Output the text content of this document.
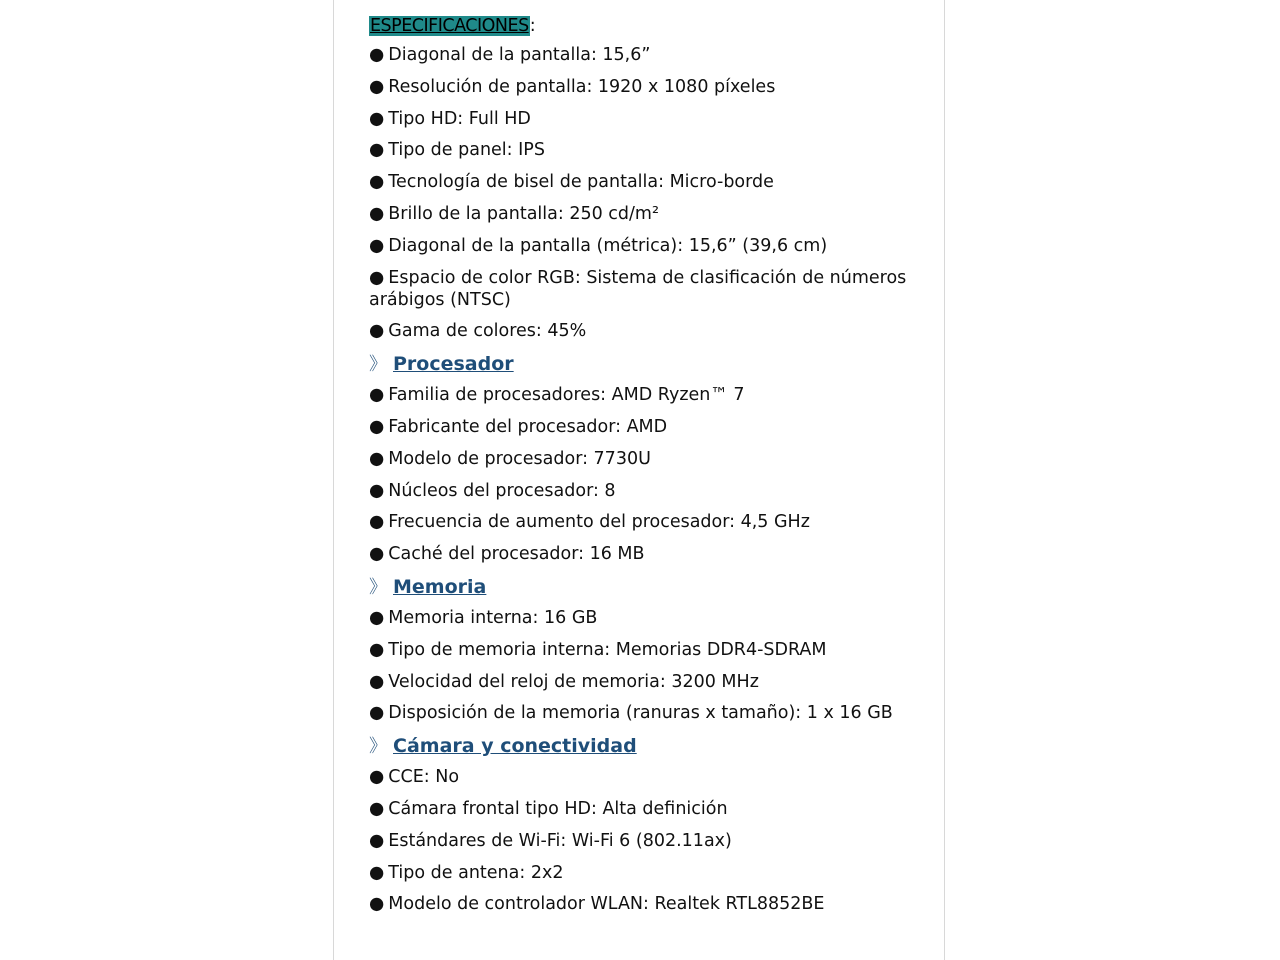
ESPECIFICACIONES:
● Diagonal de la pantalla: 15,6”
● Resolución de pantalla: 1920 x 1080 píxeles
● Tipo HD: Full HD
● Tipo de panel: IPS
● Tecnología de bisel de pantalla: Micro-borde
● Brillo de la pantalla: 250 cd/m²
● Diagonal de la pantalla (métrica): 15,6” (39,6 cm)
● Espacio de color RGB: Sistema de clasificación de números arábigos (NTSC)
● Gama de colores: 45%
》 Procesador
● Familia de procesadores: AMD Ryzen™ 7
● Fabricante del procesador: AMD
● Modelo de procesador: 7730U
● Núcleos del procesador: 8
● Frecuencia de aumento del procesador: 4,5 GHz
● Caché del procesador: 16 MB
》 Memoria
● Memoria interna: 16 GB
● Tipo de memoria interna: Memorias DDR4-SDRAM
● Velocidad del reloj de memoria: 3200 MHz
● Disposición de la memoria (ranuras x tamaño): 1 x 16 GB
》 Cámara y conectividad
● CCE: No
● Cámara frontal tipo HD: Alta definición
● Estándares de Wi-Fi: Wi-Fi 6 (802.11ax)
● Tipo de antena: 2x2
● Modelo de controlador WLAN: Realtek RTL8852BE
